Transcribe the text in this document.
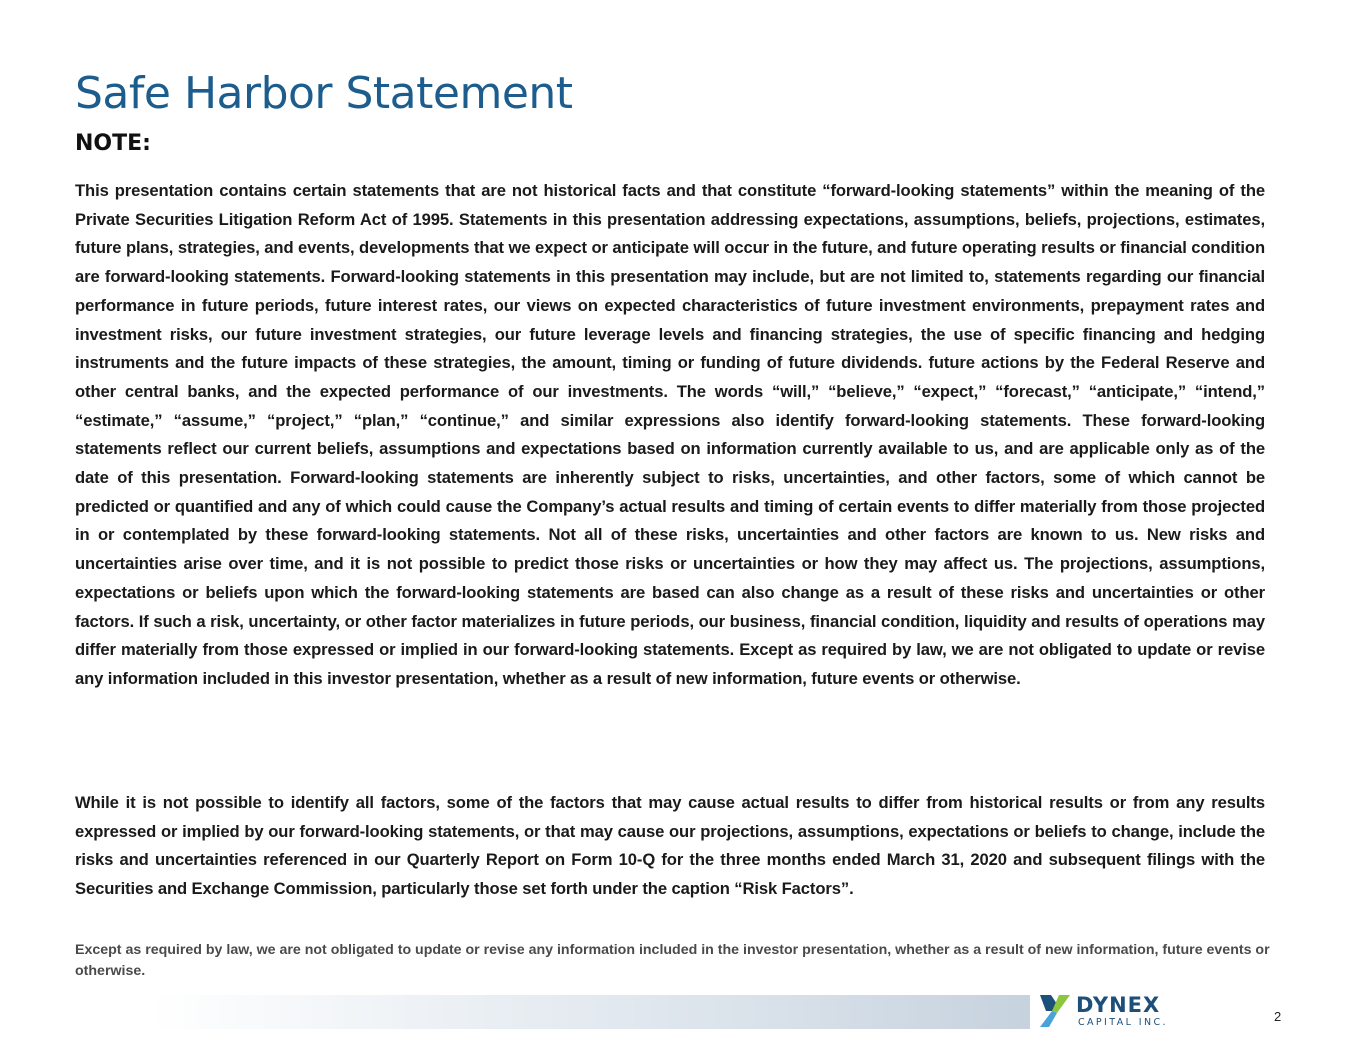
Safe Harbor Statement
NOTE:

This presentation contains certain statements that are not historical facts and that constitute “forward-looking statements” within the meaning of the Private Securities Litigation Reform Act of 1995. Statements in this presentation addressing expectations, assumptions, beliefs, projections, estimates, future plans, strategies, and events, developments that we expect or anticipate will occur in the future, and future operating results or financial condition are forward-looking statements. Forward-looking statements in this presentation may include, but are not limited to, statements regarding our financial performance in future periods, future interest rates, our views on expected characteristics of future investment environments, prepayment rates and investment risks, our future investment strategies, our future leverage levels and financing strategies, the use of specific financing and hedging instruments and the future impacts of these strategies, the amount, timing or funding of future dividends. future actions by the Federal Reserve and other central banks, and the expected performance of our investments. The words “will,” “believe,” “expect,” “forecast,” “anticipate,” “intend,” “estimate,” “assume,” “project,” “plan,” “continue,” and similar expressions also identify forward-looking statements. These forward-looking statements reflect our current beliefs, assumptions and expectations based on information currently available to us, and are applicable only as of the date of this presentation. Forward-looking statements are inherently subject to risks, uncertainties, and other factors, some of which cannot be predicted or quantified and any of which could cause the Company’s actual results and timing of certain events to differ materially from those projected in or contemplated by these forward-looking statements. Not all of these risks, uncertainties and other factors are known to us. New risks and uncertainties arise over time, and it is not possible to predict those risks or uncertainties or how they may affect us. The projections, assumptions, expectations or beliefs upon which the forward-looking statements are based can also change as a result of these risks and uncertainties or other factors. If such a risk, uncertainty, or other factor materializes in future periods, our business, financial condition, liquidity and results of operations may differ materially from those expressed or implied in our forward-looking statements. Except as required by law, we are not obligated to update or revise any information included in this investor presentation, whether as a result of new information, future events or otherwise.

While it is not possible to identify all factors, some of the factors that may cause actual results to differ from historical results or from any results expressed or implied by our forward-looking statements, or that may cause our projections, assumptions, expectations or beliefs to change, include the risks and uncertainties referenced in our Quarterly Report on Form 10-Q for the three months ended March 31, 2020 and subsequent filings with the Securities and Exchange Commission, particularly those set forth under the caption “Risk Factors”.

Except as required by law, we are not obligated to update or revise any information included in the investor presentation, whether as a result of new information, future events or otherwise.

DYNEX
CAPITAL INC.	2
